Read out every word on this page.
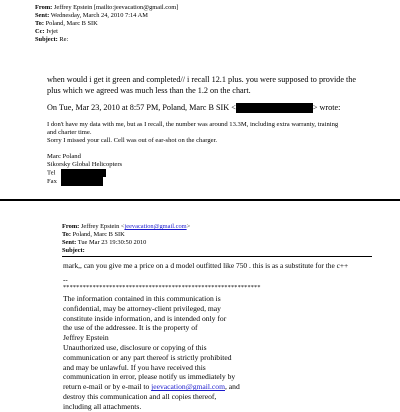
From: Jeffrey Epstein [mailto:jeevacation@gmail.com]
Sent: Wednesday, March 24, 2010 7:14 AM
To: Poland, Marc B SIK
Cc: Ivjet
Subject: Re:
when would i get it green and completed// i recall 12.1 plus. you were supposed to provide the
plus which we agreed was much less than the 1.2 on the chart.
On Tue, Mar 23, 2010 at 8:57 PM, Poland, Marc B SIK <	> wrote:
I don't have my data with me, but as I recall, the number was around 13.3M, including extra warranty, training
and charter time.
Sorry I missed your call. Cell was out of ear-shot on the charger.
Marc Poland
Sikorsky Global Helicopters
Tel
Fax
From: Jeffrey Epstein <jeevacation@gmail.com>
To: Poland, Marc B SIK
Sent: Tue Mar 23 19:30:50 2010
Subject:
mark,, can you give me a price on a d model outfitted like 750 . this is as a substitute for the c++
--
************************************************************
The information contained in this communication is
confidential, may be attorney-client privileged, may
constitute inside information, and is intended only for
the use of the addressee. It is the property of
Jeffrey Epstein
Unauthorized use, disclosure or copying of this
communication or any part thereof is strictly prohibited
and may be unlawful. If you have received this
communication in error, please notify us immediately by
return e-mail or by e-mail to jeevacation@gmail.com, and
destroy this communication and all copies thereof,
including all attachments.
